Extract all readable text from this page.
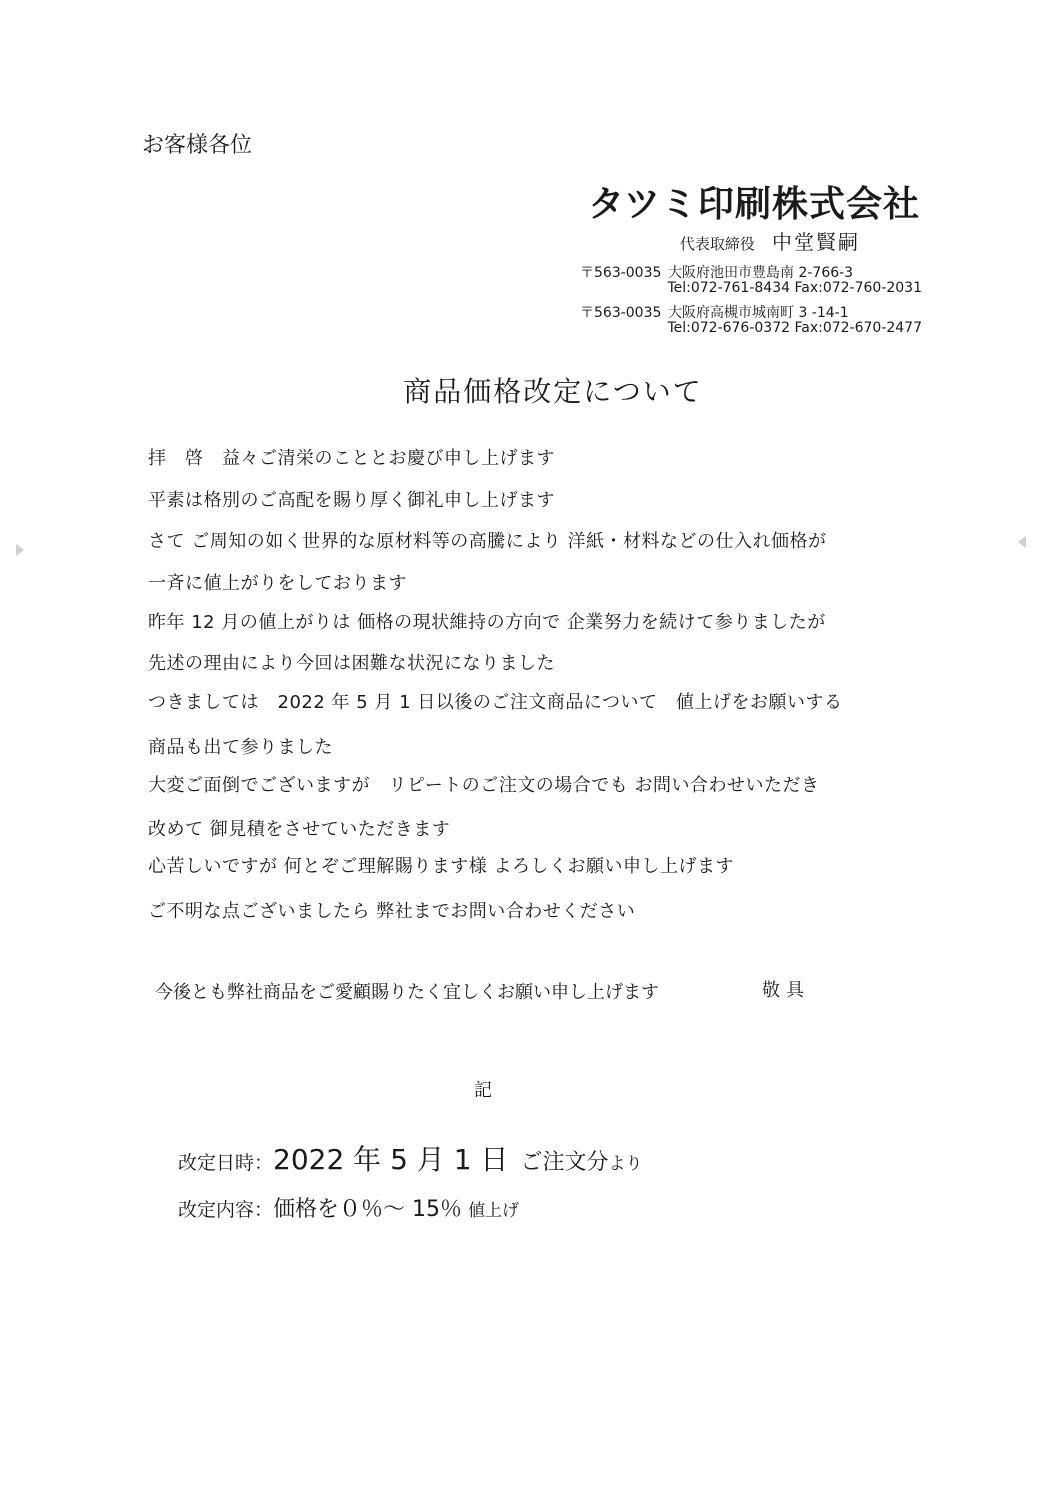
お客様各位
タツミ印刷株式会社
代表取締役 中堂賢嗣
〒563-0035 大阪府池田市豊島南 2-766-3
Tel:072-761-8434 Fax:072-760-2031
〒563-0035 大阪府高槻市城南町 3 -14-1
Tel:072-676-0372 Fax:072-670-2477
商品価格改定について
拝　啓　益々ご清栄のこととお慶び申し上げます
平素は格別のご高配を賜り厚く御礼申し上げます
さて ご周知の如く世界的な原材料等の高騰により 洋紙・材料などの仕入れ価格が
一斉に値上がりをしております
昨年 12 月の値上がりは 価格の現状維持の方向で 企業努力を続けて参りましたが
先述の理由により今回は困難な状況になりました
つきましては　2022 年 5 月 1 日以後のご注文商品について　値上げをお願いする
商品も出て参りました
大変ご面倒でございますが　リピートのご注文の場合でも お問い合わせいただき
改めて 御見積をさせていただきます
心苦しいですが 何とぞご理解賜ります様 よろしくお願い申し上げます
ご不明な点ございましたら 弊社までお問い合わせください
今後とも弊社商品をご愛顧賜りたく宜しくお願い申し上げます	敬具
記
改定日時：2022 年 5 月 1 日 ご注文分より
改定内容：価格を０％～ 15％ 値上げ
